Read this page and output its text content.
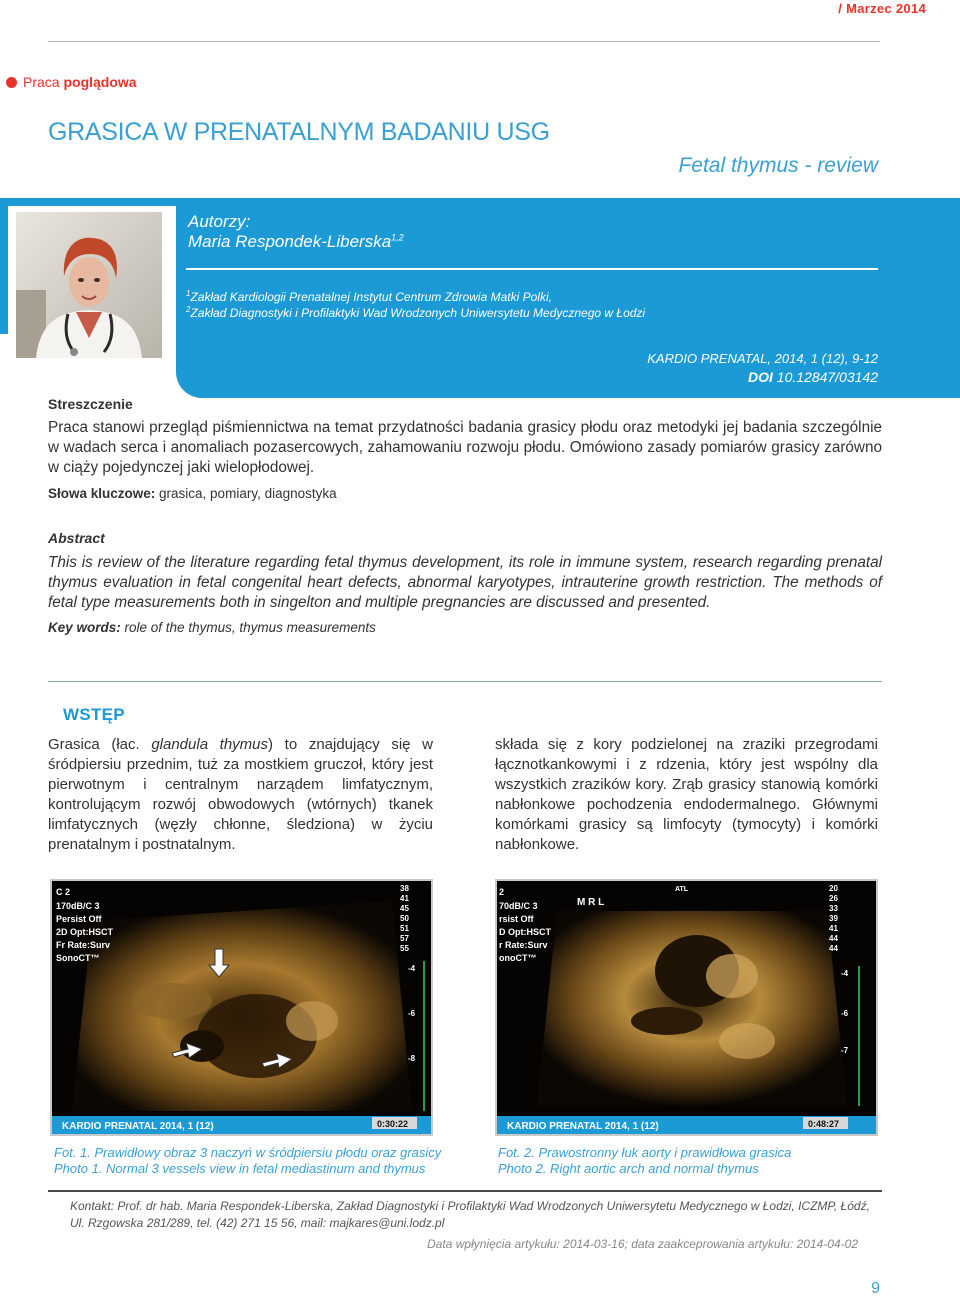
/ Marzec 2014
Praca poglądowa
GRASICA W PRENATALNYM BADANIU USG
Fetal thymus - review
Autorzy:
Maria Respondek-Liberska$^{1,2}$
$^1$Zakład Kardiologii Prenatalnej Instytut Centrum Zdrowia Matki Polki,
$^2$Zakład Diagnostyki i Profilaktyki Wad Wrodzonych Uniwersytetu Medycznego w Łodzi
KARDIO PRENATAL, 2014, 1 (12), 9-12
DOI 10.12847/03142
Streszczenie

Praca stanowi przegląd piśmiennictwa na temat przydatności badania grasicy płodu oraz metodyki jej badania szczególnie w wadach serca i anomaliach pozasercowych, zahamowaniu rozwoju płodu. Omówiono zasady pomiarów grasicy zarówno w ciąży pojedynczej jaki wielopłodowej.

Słowa kluczowe: grasica, pomiary, diagnostyka
Abstract

This is review of the literature regarding fetal thymus development, its role in immune system, research regarding prenatal thymus evaluation in fetal congenital heart defects, abnormal karyotypes, intrauterine growth restriction. The methods of fetal type measurements both in singelton and multiple pregnancies are discussed and presented.

Key words: role of the thymus, thymus measurements
WSTĘP

Grasica (łac. glandula thymus) to znajdujący się w śródpiersiu przednim, tuż za mostkiem gruczoł, który jest pierwotnym i centralnym narządem limfatycznym, kontrolującym rozwój obwodowych (wtórnych) tkanek limfatycznych (węzły chłonne, śledziona) w życiu prenatalnym i postnatalnym.

składa się z kory podzielonej na zraziki przegrodami łącznotkankowymi i z rdzenia, który jest wspólny dla wszystkich zrazików kory. Zrąb grasicy stanowią komórki nabłonkowe pochodzenia endodermalnego. Głównymi komórkami grasicy są limfocyty (tymocyty) i komórki nabłonkowe.

C 2
170dB/C 3
Persist Off
2D Opt:HSCT
Fr Rate:Surv
SonoCT™
38
41
45
50
51
57
55
-4
-6
-8
KARDIO PRENATAL 2014, 1 (12)	0:30:22
Fot. 1. Prawidłowy obraz 3 naczyń w śródpiersiu płodu oraz grasicy
Photo 1. Normal 3 vessels view in fetal mediastinum and thymus
2
70dB/C 3
rsist Off
D Opt:HSCT
r Rate:Surv
onoCT™
M R L
ATL	20
26
33
39
41
44
44
-4
-6
-7
KARDIO PRENATAL 2014, 1 (12)	0:48:27
Fot. 2. Prawostronny łuk aorty i prawidłowa grasica
Photo 2. Right aortic arch and normal thymus
Kontakt: Prof. dr hab. Maria Respondek-Liberska, Zakład Diagnostyki i Profilaktyki Wad Wrodzonych Uniwersytetu Medycznego w Łodzi, ICZMP, Łódź,
Ul. Rzgowska 281/289, tel. (42) 271 15 56, mail: majkares@uni.lodz.pl
Data wpłynięcia artykułu: 2014-03-16; data zaakceprowania artykułu: 2014-04-02
9
